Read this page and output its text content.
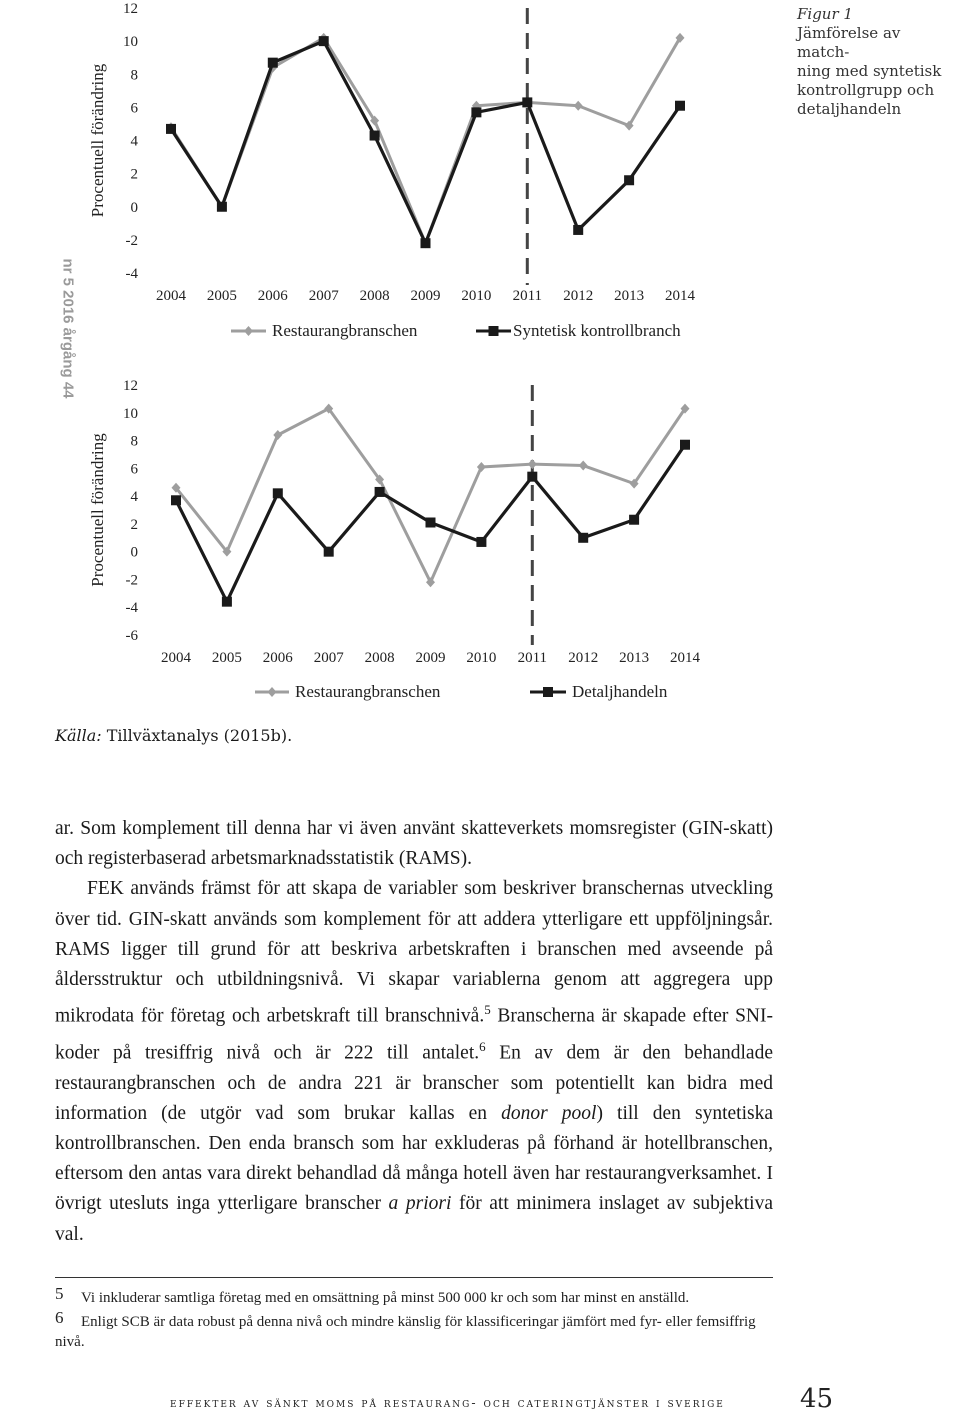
nr 5 2016 årgång 44
Figur 1
Jämförelse av match-
ning med syntetisk
kontrollgrupp och
detaljhandeln
Procentuell förändring
12
10
8
6
4
2
0
-2
-4
2004 2005 2006 2007 2008 2009 2010 2011 2012 2013 2014
Restaurangbranschen	Syntetisk kontrollbranch
Procentuell förändring
12
10
8
6
4
2
0
-2
-4
-6
2004 2005 2006 2007 2008 2009 2010 2011 2012 2013 2014
Restaurangbranschen	Detaljhandeln
Källa: Tillväxtanalys (2015b).

ar. Som komplement till denna har vi även använt skatteverkets momsregister (GIN-skatt) och registerbaserad arbetsmarknadsstatistik (RAMS).

FEK används främst för att skapa de variabler som beskriver branschernas utveckling över tid. GIN-skatt används som komplement för att addera ytterligare ett uppföljningsår. RAMS ligger till grund för att beskriva arbetskraften i branschen med avseende på åldersstruktur och utbildningsnivå. Vi skapar variablerna genom att aggregera upp mikrodata för företag och arbetskraft till branschnivå.$^5$ Branscherna är skapade efter SNI-koder på tresiffrig nivå och är 222 till antalet.$^6$ En av dem är den behandlade restaurangbranschen och de andra 221 är branscher som potentiellt kan bidra med information (de utgör vad som brukar kallas en donor pool) till den syntetiska kontrollbranschen. Den enda bransch som har exkluderas på förhand är hotellbranschen, eftersom den antas vara direkt behandlad då många hotell även har restaurangverksamhet. I övrigt utesluts inga ytterligare branscher a priori för att minimera inslaget av subjektiva val.

5 Vi inkluderar samtliga företag med en omsättning på minst 500 000 kr och som har minst en anställd.

6 Enligt SCB är data robust på denna nivå och mindre känslig för klassificeringar jämfört med fyr- eller femsiffrig nivå.

effekter av sänkt moms på restaurang- och cateringtjänster i sverige	45
